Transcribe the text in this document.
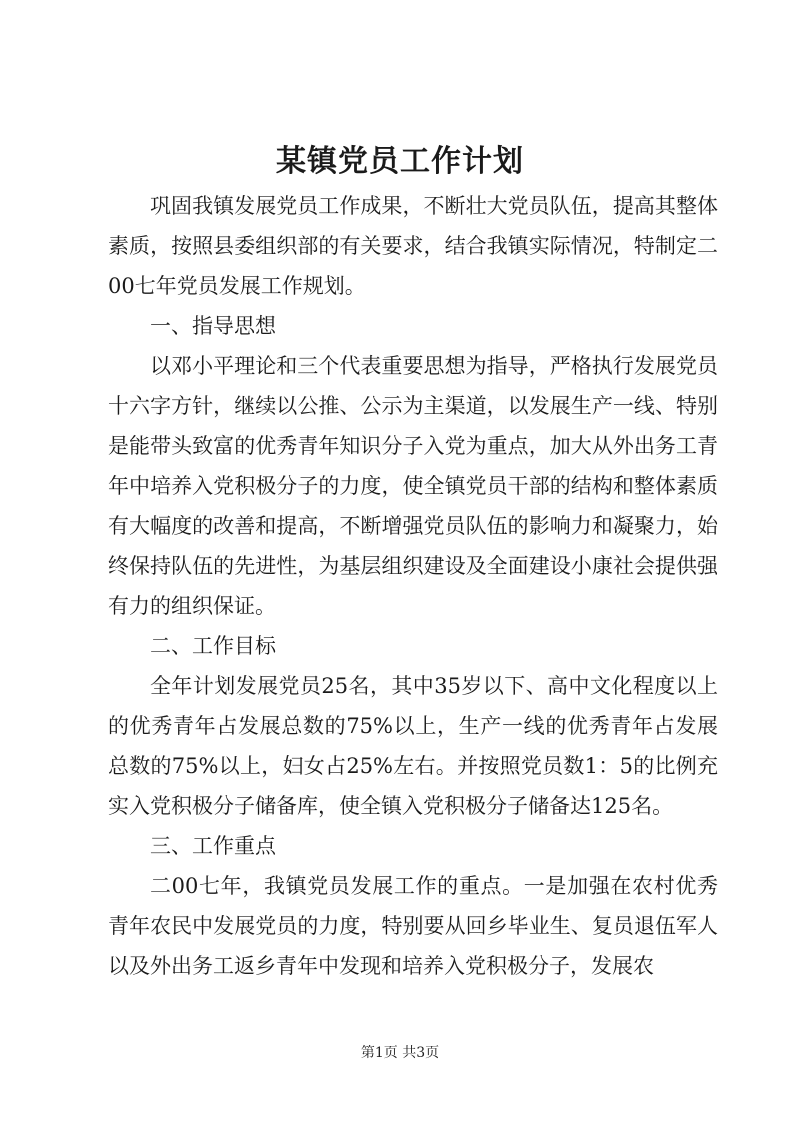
某镇党员工作计划

巩固我镇发展党员工作成果，不断壮大党员队伍，提高其整体素质，按照县委组织部的有关要求，结合我镇实际情况，特制定二00七年党员发展工作规划。

一、指导思想

以邓小平理论和三个代表重要思想为指导，严格执行发展党员十六字方针，继续以公推、公示为主渠道，以发展生产一线、特别是能带头致富的优秀青年知识分子入党为重点，加大从外出务工青年中培养入党积极分子的力度，使全镇党员干部的结构和整体素质有大幅度的改善和提高，不断增强党员队伍的影响力和凝聚力，始终保持队伍的先进性，为基层组织建设及全面建设小康社会提供强有力的组织保证。

二、工作目标

全年计划发展党员25名，其中35岁以下、高中文化程度以上的优秀青年占发展总数的75%以上，生产一线的优秀青年占发展总数的75%以上，妇女占25%左右。并按照党员数1：5的比例充实入党积极分子储备库，使全镇入党积极分子储备达125名。

三、工作重点

二00七年，我镇党员发展工作的重点。一是加强在农村优秀青年农民中发展党员的力度，特别要从回乡毕业生、复员退伍军人以及外出务工返乡青年中发现和培养入党积极分子，发展农

第1页 共3页
